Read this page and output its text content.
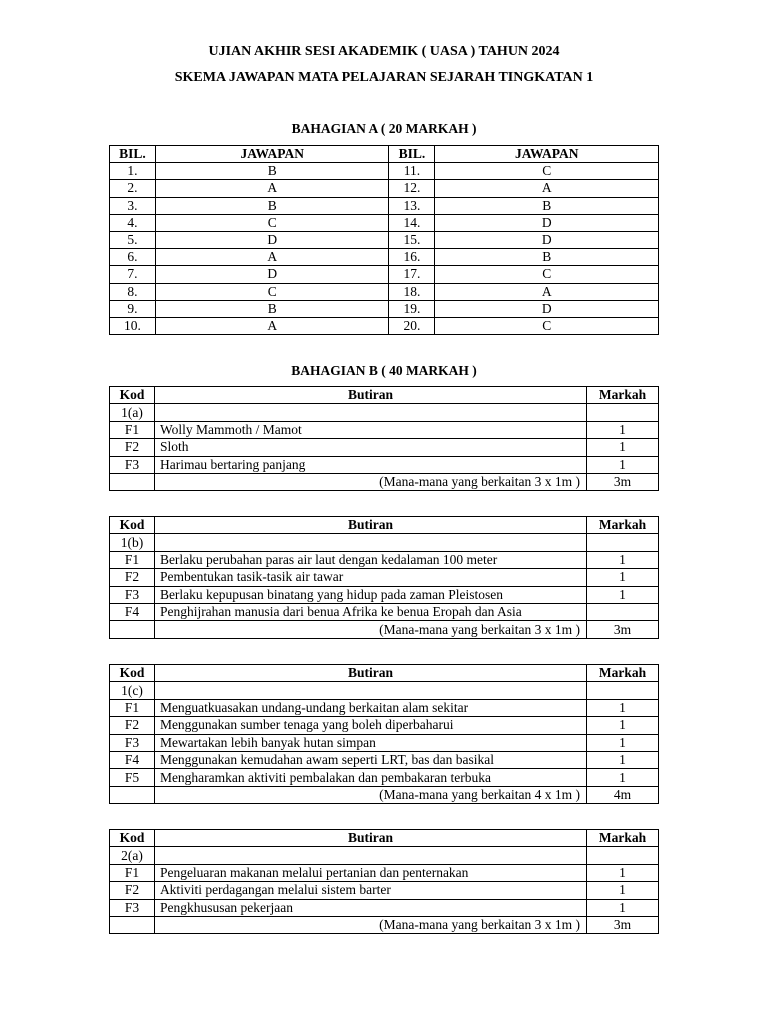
UJIAN AKHIR SESI AKADEMIK ( UASA ) TAHUN 2024
SKEMA JAWAPAN MATA PELAJARAN SEJARAH TINGKATAN 1
BAHAGIAN A ( 20 MARKAH )
BIL.	JAWAPAN	BIL.	JAWAPAN
1.	B	11.	C
2.	A	12.	A
3.	B	13.	B
4.	C	14.	D
5.	D	15.	D
6.	A	16.	B
7.	D	17.	C
8.	C	18.	A
9.	B	19.	D
10.	A	20.	C
BAHAGIAN B ( 40 MARKAH )
Kod	Butiran	Markah
1(a)		
F1	Wolly Mammoth / Mamot	1
F2	Sloth	1
F3	Harimau bertaring panjang	1
	(Mana-mana yang berkaitan 3 x 1m )	3m
Kod	Butiran	Markah
1(b)		
F1	Berlaku perubahan paras air laut dengan kedalaman 100 meter	1
F2	Pembentukan tasik-tasik air tawar	1
F3	Berlaku kepupusan binatang yang hidup pada zaman Pleistosen	1
F4	Penghijrahan manusia dari benua Afrika ke benua Eropah dan Asia	
	(Mana-mana yang berkaitan 3 x 1m )	3m
Kod	Butiran	Markah
1(c)		
F1	Menguatkuasakan undang-undang berkaitan alam sekitar	1
F2	Menggunakan sumber tenaga yang boleh diperbaharui	1
F3	Mewartakan lebih banyak hutan simpan	1
F4	Menggunakan kemudahan awam seperti LRT, bas dan basikal	1
F5	Mengharamkan aktiviti pembalakan dan pembakaran terbuka	1
	(Mana-mana yang berkaitan 4 x 1m )	4m
Kod	Butiran	Markah
2(a)		
F1	Pengeluaran makanan melalui pertanian dan penternakan	1
F2	Aktiviti perdagangan melalui sistem barter	1
F3	Pengkhususan pekerjaan	1
	(Mana-mana yang berkaitan 3 x 1m )	3m
